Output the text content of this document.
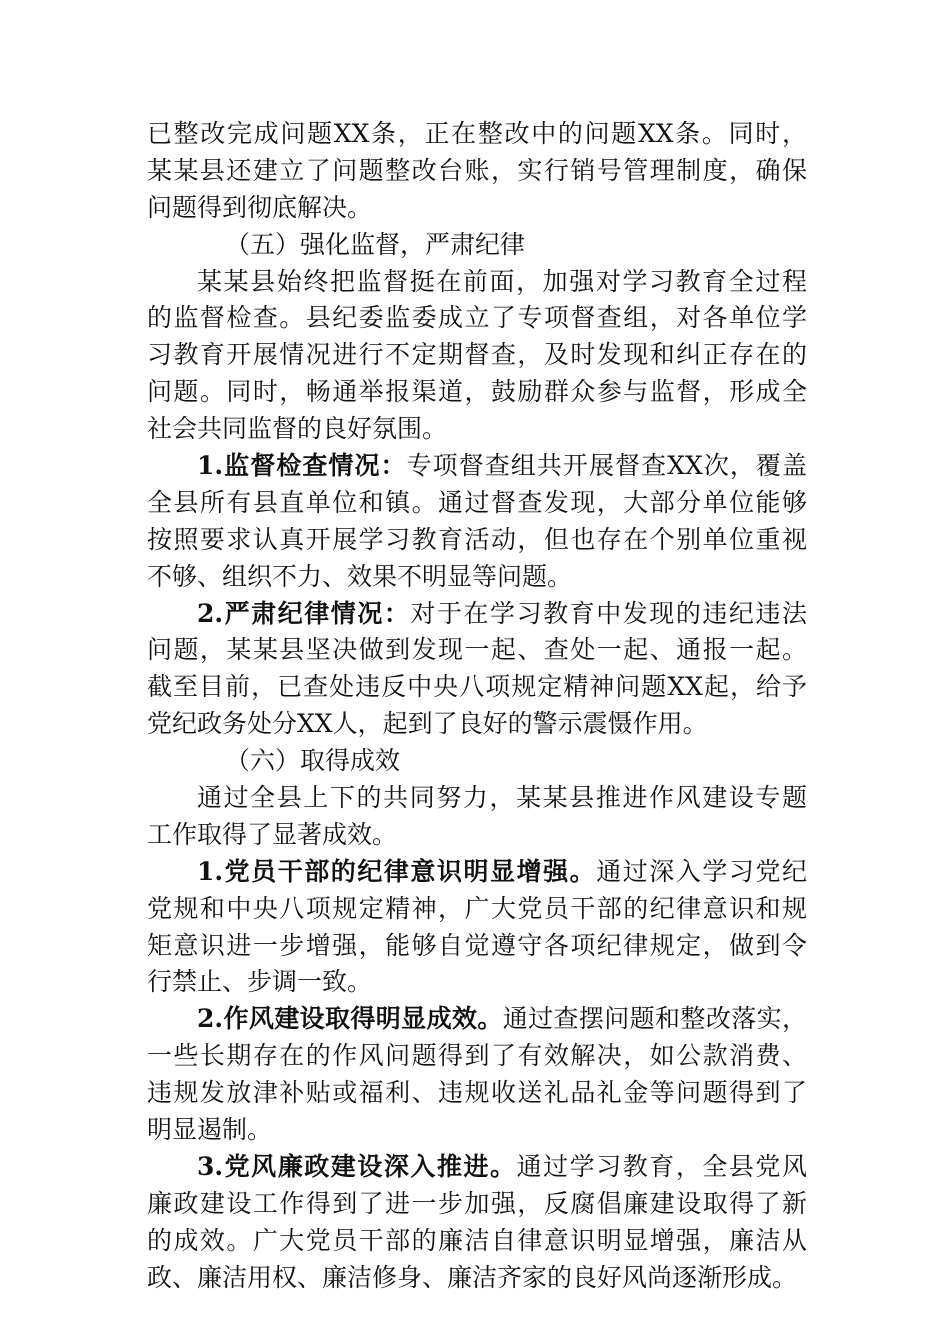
已整改完成问题XX条，正在整改中的问题XX条。同时，
某某县还建立了问题整改台账，实行销号管理制度，确保
问题得到彻底解决。
（五）强化监督，严肃纪律
某某县始终把监督挺在前面，加强对学习教育全过程
的监督检查。县纪委监委成立了专项督查组，对各单位学
习教育开展情况进行不定期督查，及时发现和纠正存在的
问题。同时，畅通举报渠道，鼓励群众参与监督，形成全
社会共同监督的良好氛围。
1.监督检查情况：专项督查组共开展督查XX次，覆盖
全县所有县直单位和镇。通过督查发现，大部分单位能够
按照要求认真开展学习教育活动，但也存在个别单位重视
不够、组织不力、效果不明显等问题。
2.严肃纪律情况：对于在学习教育中发现的违纪违法
问题，某某县坚决做到发现一起、查处一起、通报一起。
截至目前，已查处违反中央八项规定精神问题XX起，给予
党纪政务处分XX人，起到了良好的警示震慑作用。
（六）取得成效
通过全县上下的共同努力，某某县推进作风建设专题
工作取得了显著成效。
1.党员干部的纪律意识明显增强。通过深入学习党纪
党规和中央八项规定精神，广大党员干部的纪律意识和规
矩意识进一步增强，能够自觉遵守各项纪律规定，做到令
行禁止、步调一致。
2.作风建设取得明显成效。通过查摆问题和整改落实，
一些长期存在的作风问题得到了有效解决，如公款消费、
违规发放津补贴或福利、违规收送礼品礼金等问题得到了
明显遏制。
3.党风廉政建设深入推进。通过学习教育，全县党风
廉政建设工作得到了进一步加强，反腐倡廉建设取得了新
的成效。广大党员干部的廉洁自律意识明显增强，廉洁从
政、廉洁用权、廉洁修身、廉洁齐家的良好风尚逐渐形成。
